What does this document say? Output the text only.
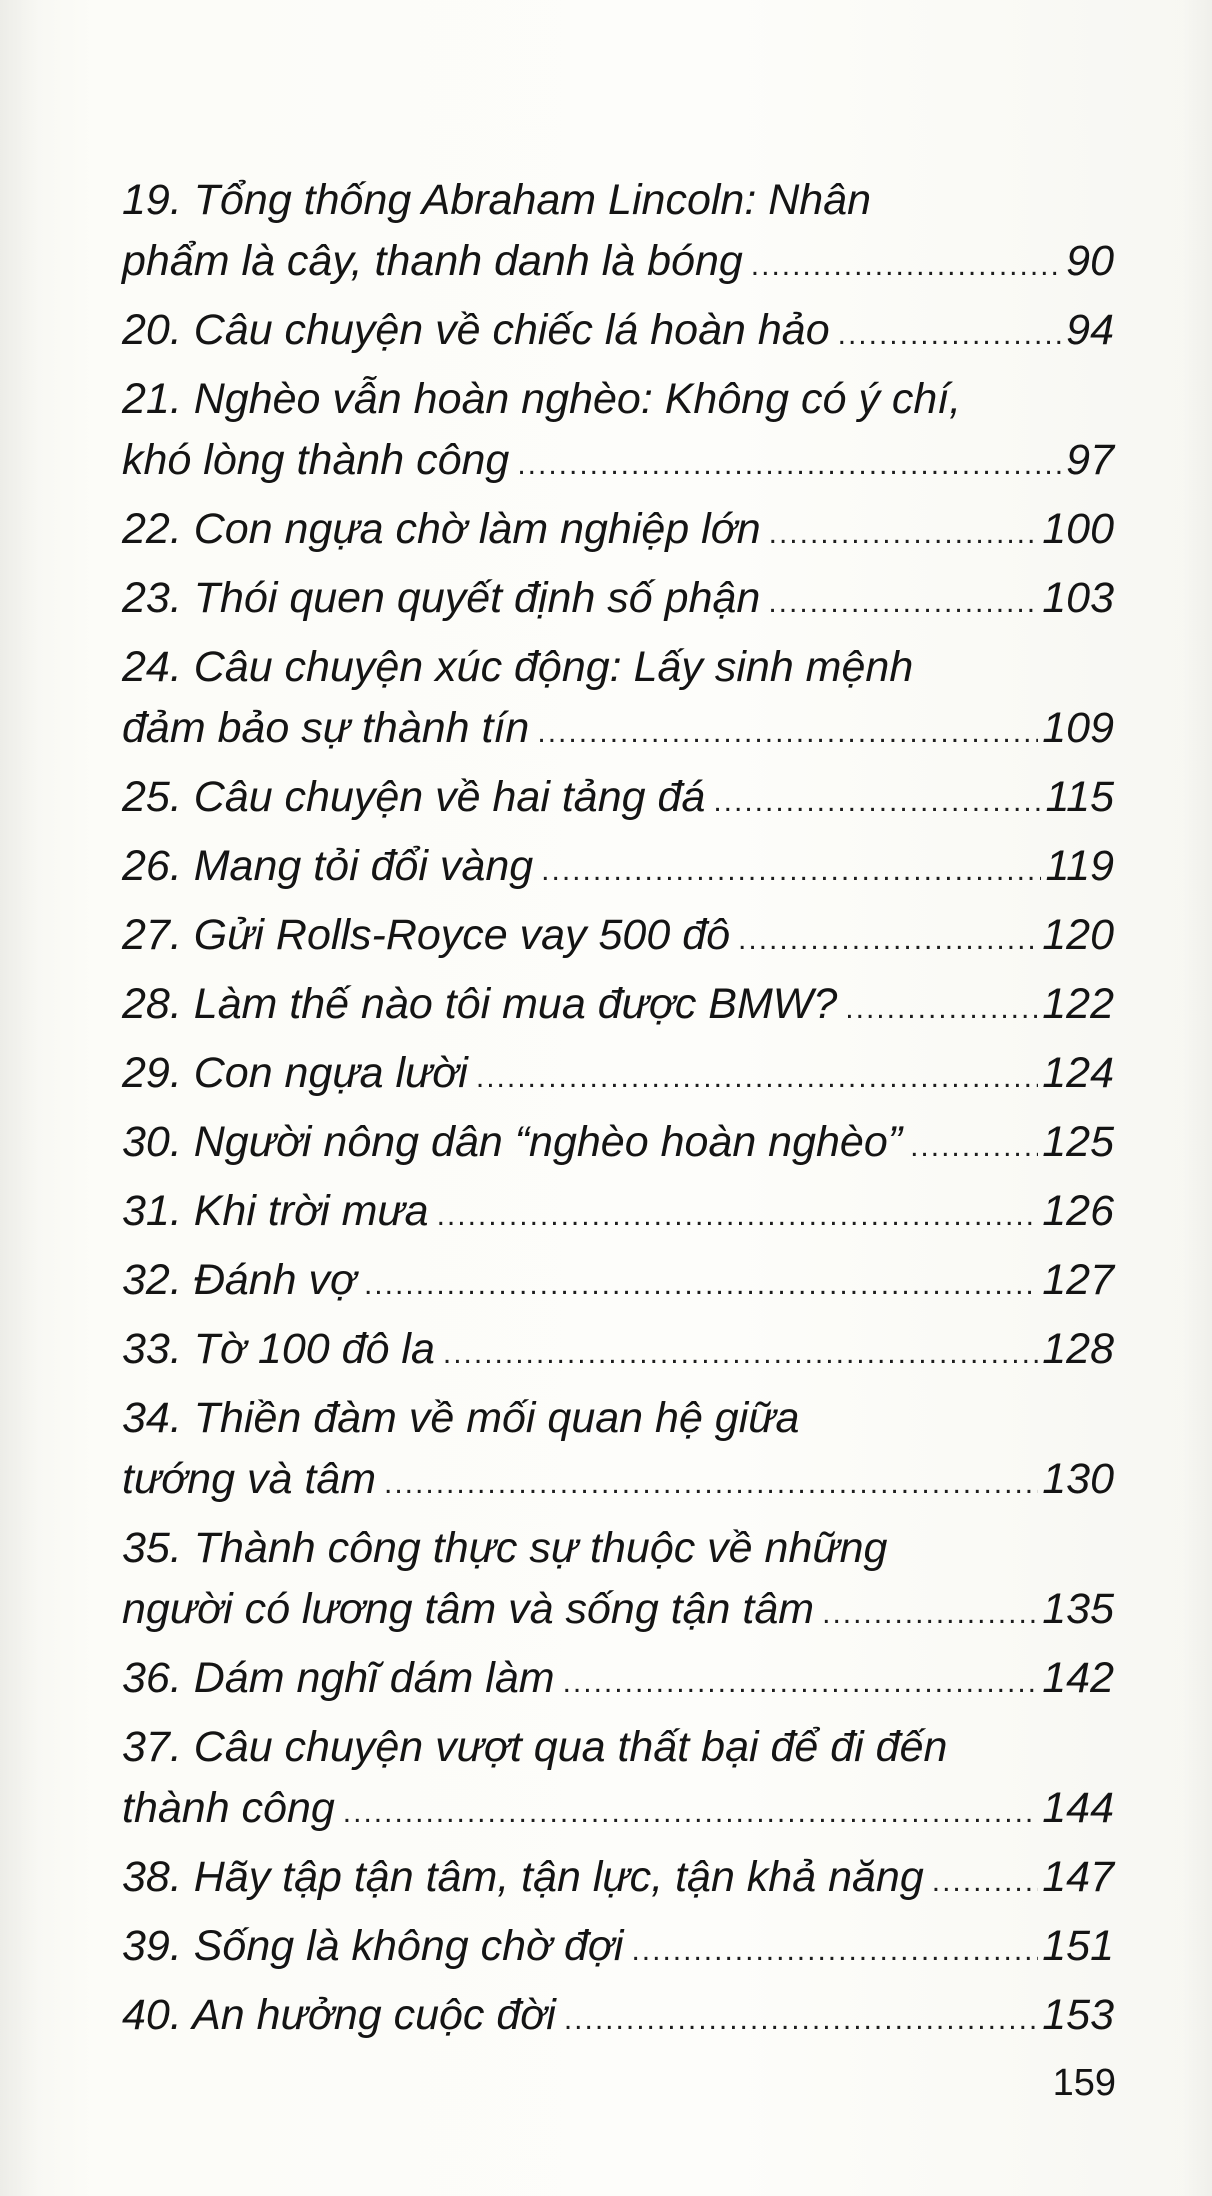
19. Tổng thống Abraham Lincoln: Nhân
phẩm là cây, thanh danh là bóng .....	90
20. Câu chuyện về chiếc lá hoàn hảo .....	94
21. Nghèo vẫn hoàn nghèo: Không có ý chí,
khó lòng thành công .....	97
22. Con ngựa chờ làm nghiệp lớn .....	100
23. Thói quen quyết định số phận .....	103
24. Câu chuyện xúc động: Lấy sinh mệnh
đảm bảo sự thành tín .....	109
25. Câu chuyện về hai tảng đá .....	115
26. Mang tỏi đổi vàng .....	119
27. Gửi Rolls-Royce vay 500 đô .....	120
28. Làm thế nào tôi mua được BMW? .....	122
29. Con ngựa lười .....	124
30. Người nông dân “nghèo hoàn nghèo” .....	125
31. Khi trời mưa .....	126
32. Đánh vợ .....	127
33. Tờ 100 đô la .....	128
34. Thiền đàm về mối quan hệ giữa
tướng và tâm .....	130
35. Thành công thực sự thuộc về những
người có lương tâm và sống tận tâm .....	135
36. Dám nghĩ dám làm .....	142
37. Câu chuyện vượt qua thất bại để đi đến
thành công .....	144
38. Hãy tập tận tâm, tận lực, tận khả năng .....	147
39. Sống là không chờ đợi .....	151
40. An hưởng cuộc đời .....	153
159
